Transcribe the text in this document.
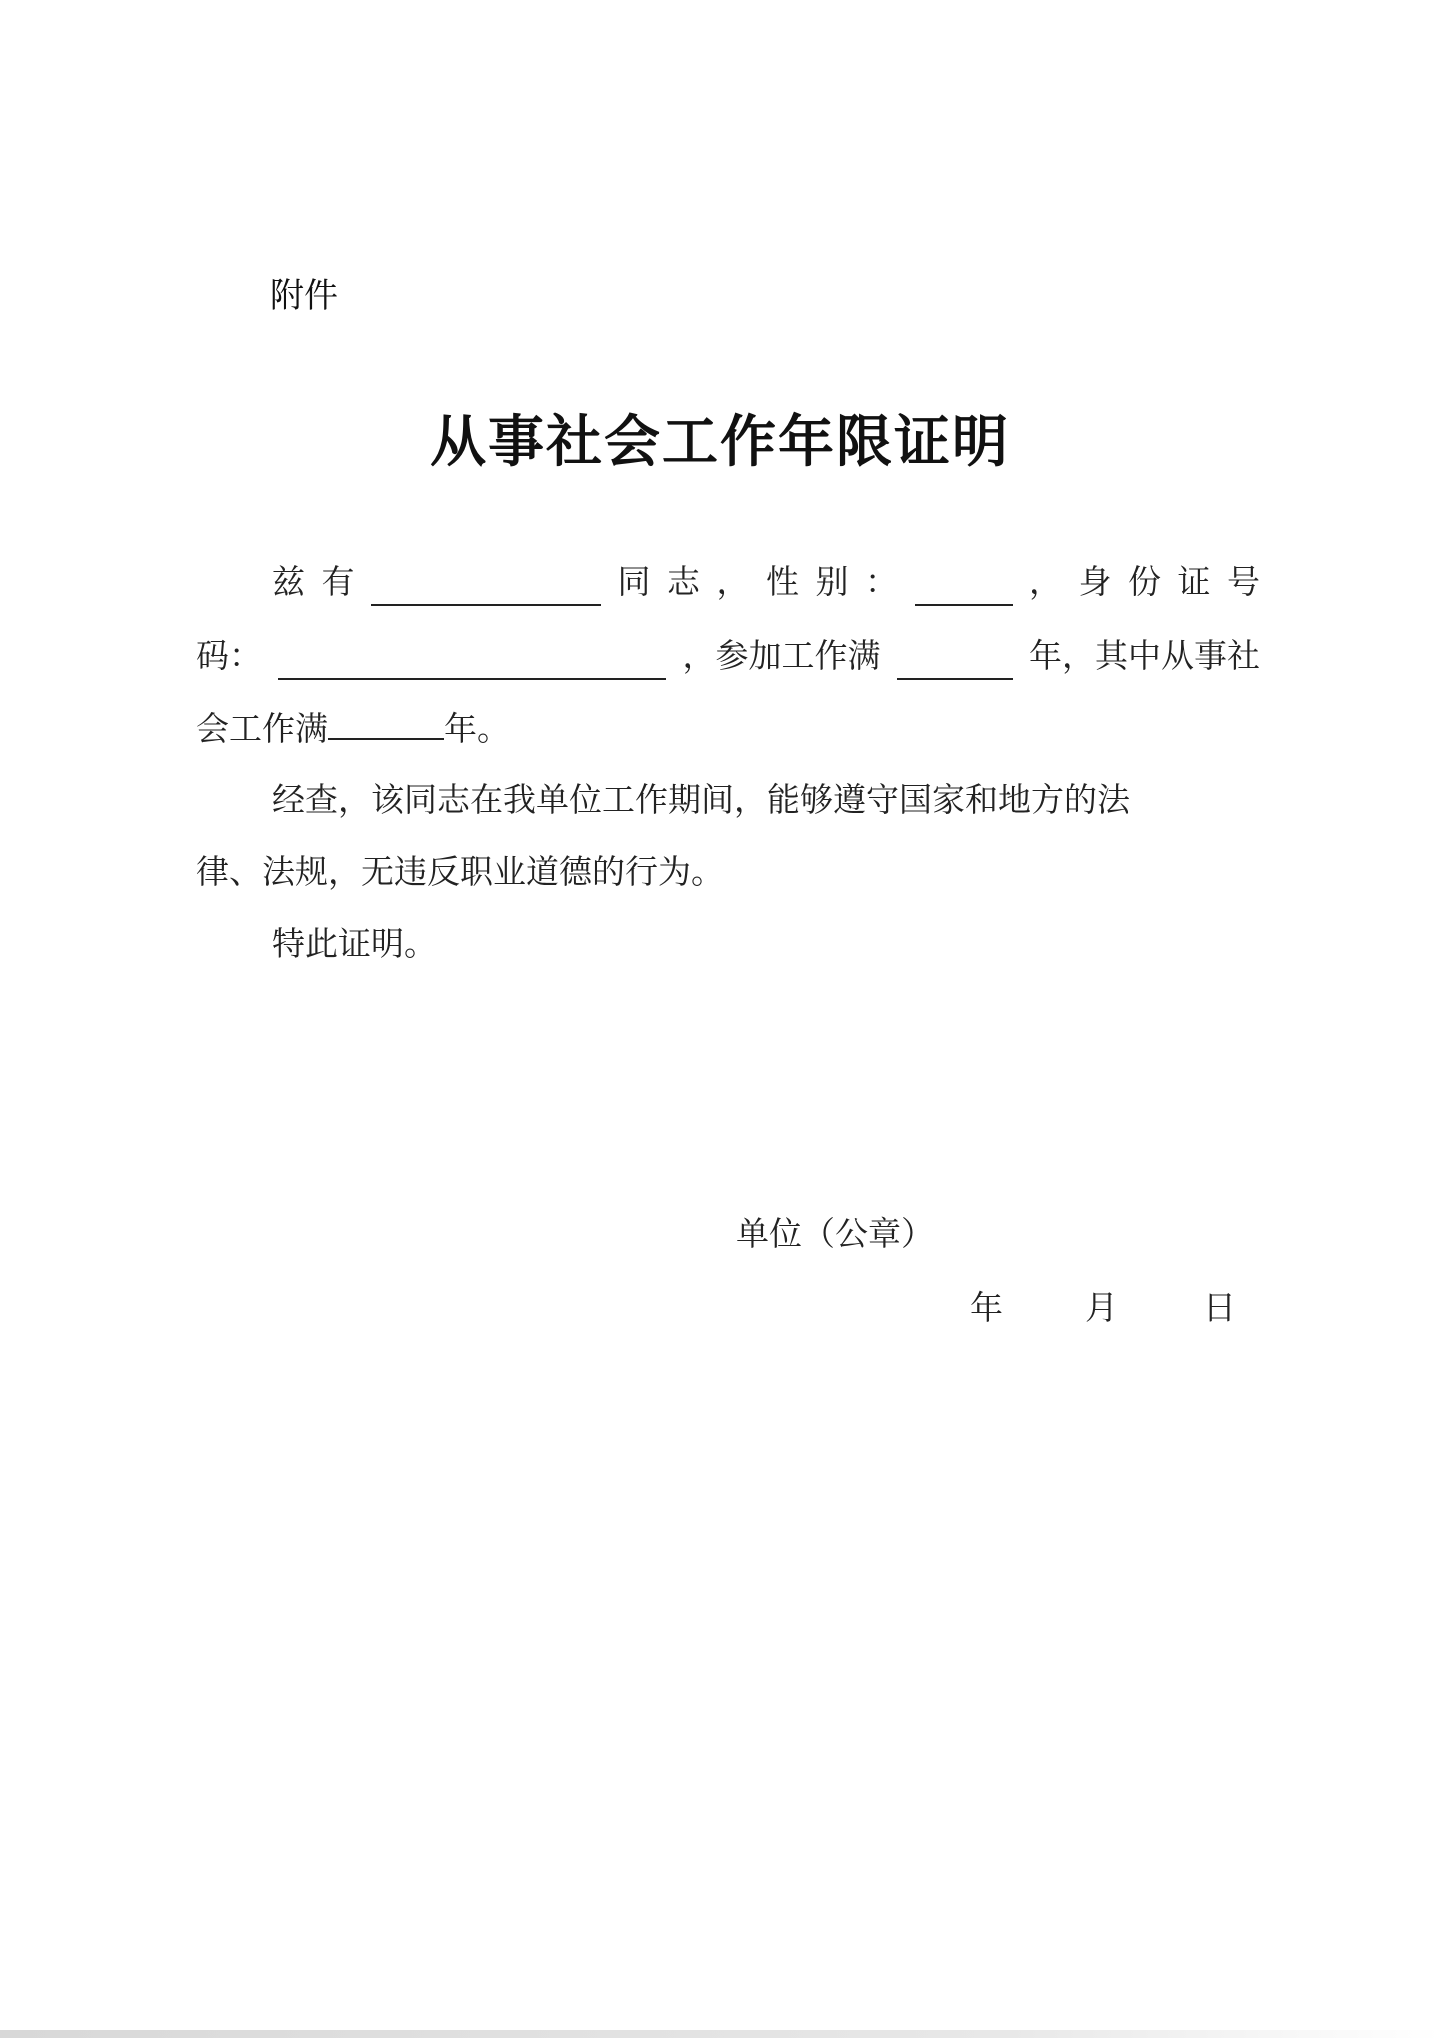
附件
从事社会工作年限证明
兹 有	同 志 ， 性 别 ：	， 身 份 证 号
码：	，参加工作满	年，其中从事社
会工作满	年。
经查，该同志在我单位工作期间，能够遵守国家和地方的法
律、法规，无违反职业道德的行为。
特此证明。
单位（公章）
年 月	日
